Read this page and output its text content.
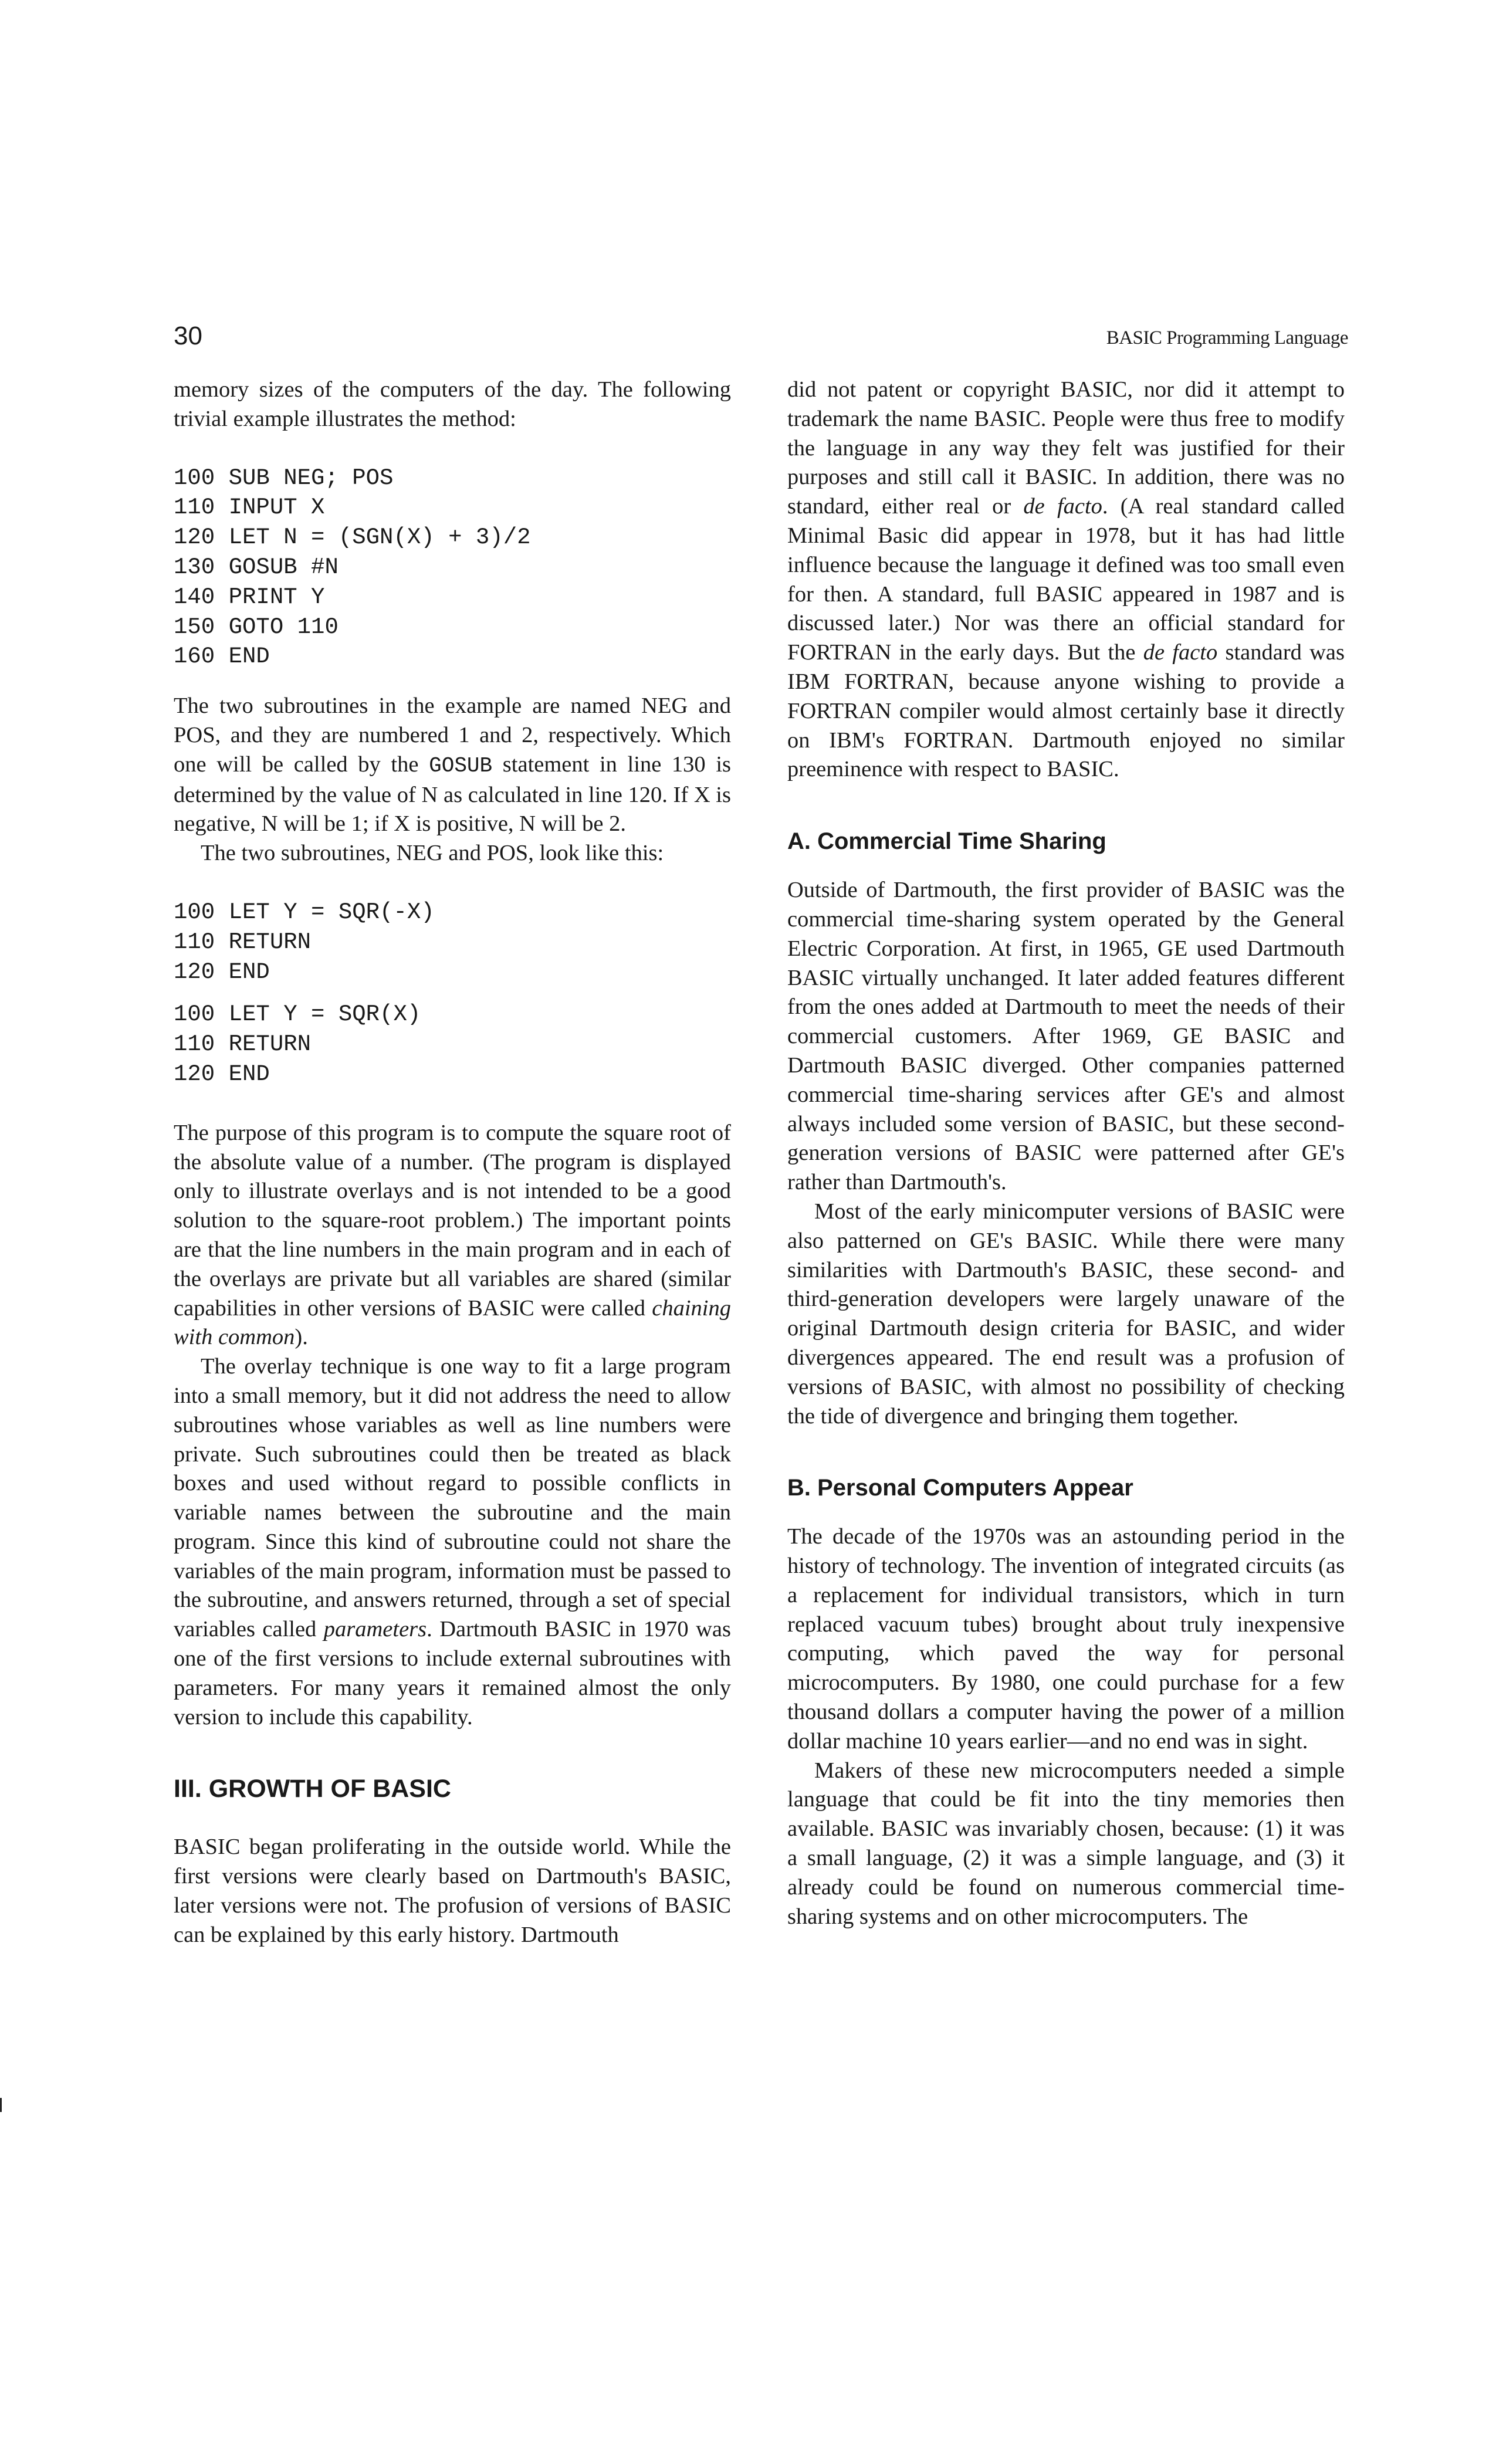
30	BASIC Programming Language

memory sizes of the computers of the day. The following trivial example illustrates the method:

100 SUB NEG; POS
110 INPUT X
120 LET N = (SGN(X) + 3)/2
130 GOSUB #N
140 PRINT Y
150 GOTO 110
160 END

The two subroutines in the example are named NEG and POS, and they are numbered 1 and 2, respectively. Which one will be called by the GOSUB statement in line 130 is determined by the value of N as calculated in line 120. If X is negative, N will be 1; if X is positive, N will be 2.

The two subroutines, NEG and POS, look like this:

100 LET Y = SQR(-X)
110 RETURN
120 END
100 LET Y = SQR(X)
110 RETURN
120 END

The purpose of this program is to compute the square root of the absolute value of a number. (The program is displayed only to illustrate overlays and is not intended to be a good solution to the square-root problem.) The important points are that the line numbers in the main program and in each of the overlays are private but all variables are shared (similar capabilities in other versions of BASIC were called chaining with common).

The overlay technique is one way to fit a large program into a small memory, but it did not address the need to allow subroutines whose variables as well as line numbers were private. Such subroutines could then be treated as black boxes and used without regard to possible conflicts in variable names between the subroutine and the main program. Since this kind of subroutine could not share the variables of the main program, information must be passed to the subroutine, and answers returned, through a set of special variables called parameters. Dartmouth BASIC in 1970 was one of the first versions to include external subroutines with parameters. For many years it remained almost the only version to include this capability.

III. GROWTH OF BASIC

BASIC began proliferating in the outside world. While the first versions were clearly based on Dartmouth's BASIC, later versions were not. The profusion of versions of BASIC can be explained by this early history. Dartmouth

did not patent or copyright BASIC, nor did it attempt to trademark the name BASIC. People were thus free to modify the language in any way they felt was justified for their purposes and still call it BASIC. In addition, there was no standard, either real or de facto. (A real standard called Minimal Basic did appear in 1978, but it has had little influence because the language it defined was too small even for then. A standard, full BASIC appeared in 1987 and is discussed later.) Nor was there an official standard for FORTRAN in the early days. But the de facto standard was IBM FORTRAN, because anyone wishing to provide a FORTRAN compiler would almost certainly base it directly on IBM's FORTRAN. Dartmouth enjoyed no similar preeminence with respect to BASIC.

A. Commercial Time Sharing

Outside of Dartmouth, the first provider of BASIC was the commercial time-sharing system operated by the General Electric Corporation. At first, in 1965, GE used Dartmouth BASIC virtually unchanged. It later added features different from the ones added at Dartmouth to meet the needs of their commercial customers. After 1969, GE BASIC and Dartmouth BASIC diverged. Other companies patterned commercial time-sharing services after GE's and almost always included some version of BASIC, but these second-generation versions of BASIC were patterned after GE's rather than Dartmouth's.

Most of the early minicomputer versions of BASIC were also patterned on GE's BASIC. While there were many similarities with Dartmouth's BASIC, these second- and third-generation developers were largely unaware of the original Dartmouth design criteria for BASIC, and wider divergences appeared. The end result was a profusion of versions of BASIC, with almost no possibility of checking the tide of divergence and bringing them together.

B. Personal Computers Appear

The decade of the 1970s was an astounding period in the history of technology. The invention of integrated circuits (as a replacement for individual transistors, which in turn replaced vacuum tubes) brought about truly inexpensive computing, which paved the way for personal microcomputers. By 1980, one could purchase for a few thousand dollars a computer having the power of a million dollar machine 10 years earlier—and no end was in sight.

Makers of these new microcomputers needed a simple language that could be fit into the tiny memories then available. BASIC was invariably chosen, because: (1) it was a small language, (2) it was a simple language, and (3) it already could be found on numerous commercial time-sharing systems and on other microcomputers. The
